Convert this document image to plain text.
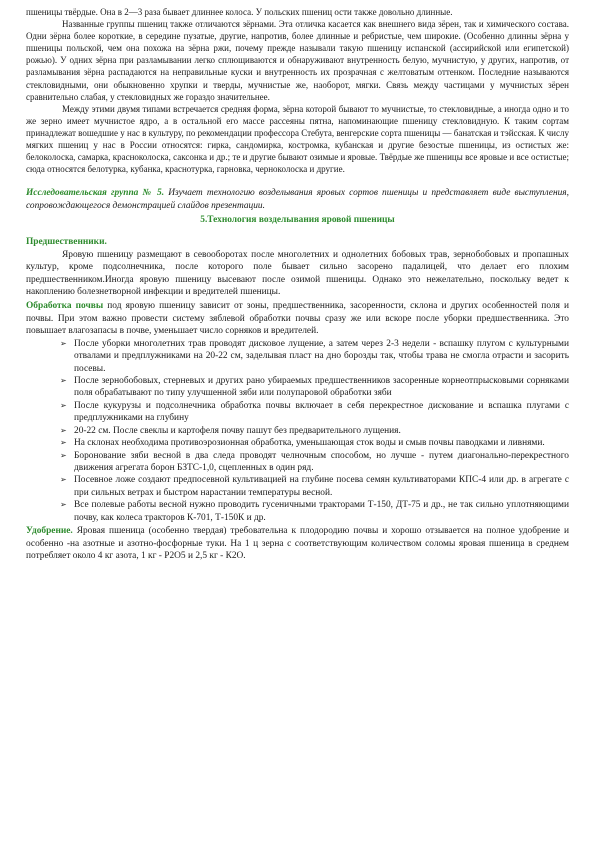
пшеницы твёрдые. Она в 2—3 раза бывает длиннее колоса. У польских пшениц ости также довольно длинные.

Названные группы пшениц также отличаются зёрнами. Эта отличка касается как внешнего вида зёрен, так и химического состава. Одни зёрна более короткие, в середине пузатые, другие, напротив, более длинные и ребристые, чем широкие. (Особенно длинны зёрна у пшеницы польской, чем она похожа на зёрна ржи, почему прежде называли такую пшеницу испанской (ассирийской или египетской) рожью). У одних зёрна при разламывании легко сплющиваются и обнаруживают внутренность белую, мучнистую, у других, напротив, от разламывания зёрна распадаются на неправильные куски и внутренность их прозрачная с желтоватым оттенком. Последние называются стекловидными, они обыкновенно хрупки и тверды, мучнистые же, наоборот, мягки. Связь между частицами у мучнистых зёрен сравнительно слабая, у стекловидных же гораздо значительнее.

Между этими двумя типами встречается средняя форма, зёрна которой бывают то мучнистые, то стекловидные, а иногда одно и то же зерно имеет мучнистое ядро, а в остальной его массе рассеяны пятна, напоминающие пшеницу стекловидную. К таким сортам принадлежат вошедшие у нас в культуру, по рекомендации профессора Стебута, венгерские сорта пшеницы — банатская и тэйсская. К числу мягких пшениц у нас в России относятся: гирка, сандомирка, костромка, кубанская и другие безостые пшеницы, из остистых же: белоколоска, самарка, красноколоска, саксонка и др.; те и другие бывают озимые и яровые. Твёрдые же пшеницы все яровые и все остистые; сюда относятся белотурка, кубанка, краснотурка, гарновка, черноколоска и другие.

Исследовательская группа № 5. Изучает технологию возделывания яровых сортов пшеницы и представляет виде выступления, сопровождающегося демонстрацией слайдов презентации.

5.Технология возделывания яровой пшеницы

Предшественники.

Яровую пшеницу размещают в севооборотах после многолетних и однолетних бобовых трав, зернобобовых и пропашных культур, кроме подсолнечника, после которого поле бывает сильно засорено падалицей, что делает его плохим предшественником.Иногда яровую пшеницу высевают после озимой пшеницы. Однако это нежелательно, поскольку ведет к накоплению болезнетворной инфекции и вредителей пшеницы.

Обработка почвы под яровую пшеницу зависит от зоны, предшественника, засоренности, склона и других особенностей поля и почвы. При этом важно провести систему зяблевой обработки почвы сразу же или вскоре после уборки предшественника. Это повышает влагозапасы в почве, уменьшает число сорняков и вредителей.

➢ После уборки многолетних трав проводят дисковое лущение, а затем через 2-3 недели - вспашку плугом с культурными отвалами и предплужниками на 20-22 см, заделывая пласт на дно борозды так, чтобы трава не смогла отрасти и засорить посевы.
➢ После зернобобовых, стерневых и других рано убираемых предшественников засоренные корнеотпрысковыми сорняками поля обрабатывают по типу улучшенной зяби или полупаровой обработки зяби
➢ После кукурузы и подсолнечника обработка почвы включает в себя перекрестное дискование и вспашка плугами с предплужниками на глубину
➢ 20-22 см. После свеклы и картофеля почву пашут без предварительного лущения.
➢ На склонах необходима противоэрозионная обработка, уменьшающая сток воды и смыв почвы паводками и ливнями.
➢ Боронование зяби весной в два следа проводят челночным способом, но лучше - путем диагонально-перекрестного движения агрегата борон БЗТС-1,0, сцепленных в один ряд.
➢ Посевное ложе создают предпосевной культивацией на глубине посева семян культиваторами КПС-4 или др. в агрегате с при сильных ветрах и быстром нарастании температуры весной.
➢ Все полевые работы весной нужно проводить гусеничными тракторами Т-150, ДТ-75 и др., не так сильно уплотняющими почву, как колеса тракторов К-701, Т-150К и др.

Удобрение. Яровая пшеница (особенно твердая) требовательна к плодородию почвы и хорошо отзывается на полное удобрение и особенно -на азотные и азотно-фосфорные туки. На 1 ц зерна с соответствующим количеством соломы яровая пшеница в среднем потребляет около 4 кг азота, 1 кг - Р2О5 и 2,5 кг - К2О.
